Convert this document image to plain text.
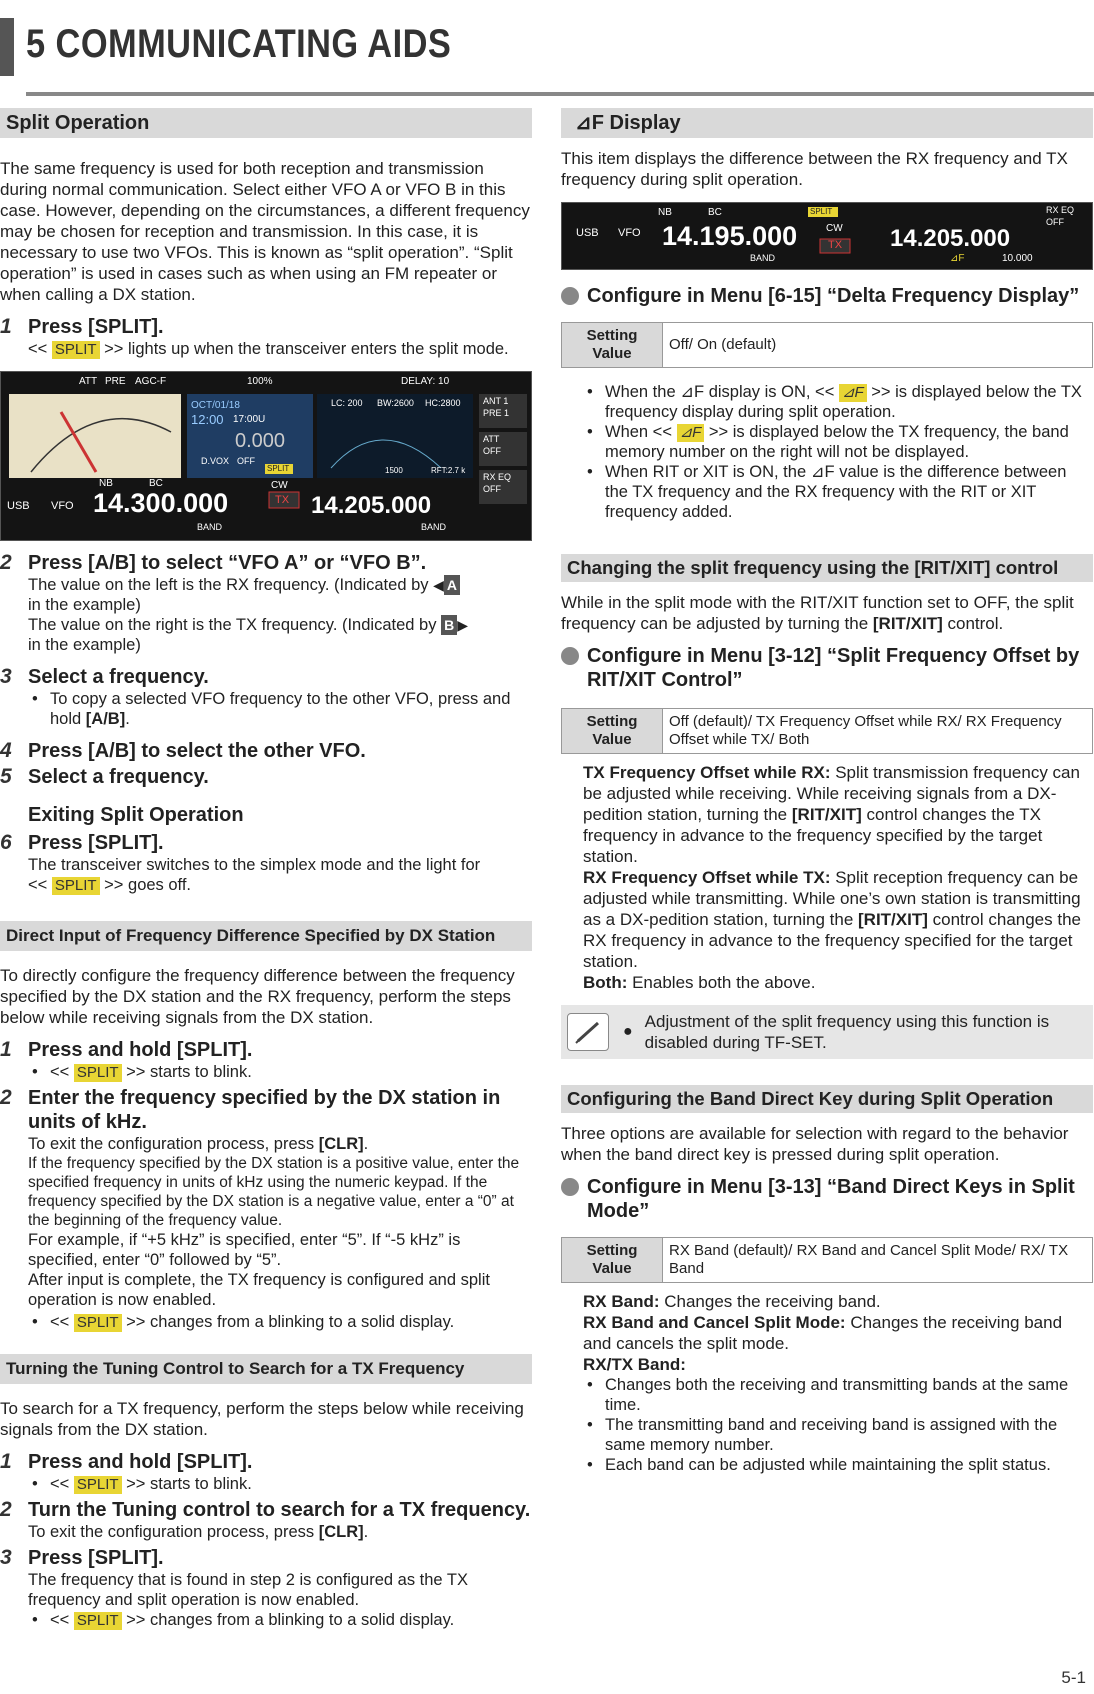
5 COMMUNICATING AIDS
Split Operation

The same frequency is used for both reception and transmission during normal communication. Select either VFO A or VFO B in this case. However, depending on the circumstances, a different frequency may be chosen for reception and transmission. In this case, it is necessary to use two VFOs. This is known as “split operation”. “Split operation” is used in cases such as when using an FM repeater or when calling a DX station.

1 Press [SPLIT].
<< SPLIT >> lights up when the transceiver enters the split mode.
ATT PRE AGC-F	100%	DELAY: 10
ANT 1
PRE 1
ATT
OFF
RX EQ
OFF
OCT/01/18
12:00 17:00U
0.000
D.VOX OFF
LC: 200 BW:2600 HC:2800
1500	RFT:2.7 k
USB VFO
NB	BC
SPLIT
CW
TX
BAND	BAND
14.300.000	14.205.000
2 Press [A/B] to select “VFO A” or “VFO B”.
The value on the left is the RX frequency. (Indicated by ◀ A
in the example)
The value on the right is the TX frequency. (Indicated by B ▶
in the example)
3 Select a frequency.
• To copy a selected VFO frequency to the other VFO, press and hold [A/B].
4 Press [A/B] to select the other VFO.
5 Select a frequency.
Exiting Split Operation
6 Press [SPLIT].
The transceiver switches to the simplex mode and the light for
<< SPLIT >> goes off.
Direct Input of Frequency Difference Specified by DX Station

To directly configure the frequency difference between the frequency specified by the DX station and the RX frequency, perform the steps below while receiving signals from the DX station.

1 Press and hold [SPLIT].
• << SPLIT >> starts to blink.
2 Enter the frequency specified by the DX station in units of kHz.
To exit the configuration process, press [CLR].
If the frequency specified by the DX station is a positive value, enter the specified frequency in units of kHz using the numeric keypad. If the frequency specified by the DX station is a negative value, enter a “0” at the beginning of the frequency value.
For example, if “+5 kHz” is specified, enter “5”. If “-5 kHz” is specified, enter “0” followed by “5”.
After input is complete, the TX frequency is configured and split operation is now enabled.
• << SPLIT >> changes from a blinking to a solid display.
Turning the Tuning Control to Search for a TX Frequency

To search for a TX frequency, perform the steps below while receiving signals from the DX station.

1 Press and hold [SPLIT].
• << SPLIT >> starts to blink.
2 Turn the Tuning control to search for a TX frequency.
To exit the configuration process, press [CLR].
3 Press [SPLIT].
The frequency that is found in step 2 is configured as the TX frequency and split operation is now enabled.
• << SPLIT >> changes from a blinking to a solid display.
⊿F Display

This item displays the difference between the RX frequency and TX frequency during split operation.

USB VFO
NB	BC	SPLIT
CW
TX
BAND
RX EQ
OFF
⊿F	10.000
14.195.000	14.205.000
Configure in Menu [6-15] “Delta Frequency Display”
Setting Value	Off/ On (default)
• When the ⊿F display is ON, << ⊿F >> is displayed below the TX frequency display during split operation.
• When << ⊿F >> is displayed below the TX frequency, the band memory number on the right will not be displayed.
• When RIT or XIT is ON, the ⊿F value is the difference between the TX frequency and the RX frequency with the RIT or XIT frequency added.
Changing the split frequency using the [RIT/XIT] control

While in the split mode with the RIT/XIT function set to OFF, the split frequency can be adjusted by turning the [RIT/XIT] control.

Configure in Menu [3-12] “Split Frequency Offset by RIT/XIT Control”
Setting Value	Off (default)/ TX Frequency Offset while RX/ RX Frequency Offset while TX/ Both
TX Frequency Offset while RX: Split transmission frequency can be adjusted while receiving. While receiving signals from a DX-pedition station, turning the [RIT/XIT] control changes the TX frequency in advance to the frequency specified by the target station.
RX Frequency Offset while TX: Split reception frequency can be adjusted while transmitting. While one’s own station is transmitting as a DX-pedition station, turning the [RIT/XIT] control changes the RX frequency in advance to the frequency specified for the target station.
Both: Enables both the above.
●
Adjustment of the split frequency using this function is disabled during TF-SET.
Configuring the Band Direct Key during Split Operation

Three options are available for selection with regard to the behavior when the band direct key is pressed during split operation.

Configure in Menu [3-13] “Band Direct Keys in Split Mode”
Setting Value	RX Band (default)/ RX Band and Cancel Split Mode/ RX/ TX Band
RX Band: Changes the receiving band.
RX Band and Cancel Split Mode: Changes the receiving band and cancels the split mode.
RX/TX Band:
• Changes both the receiving and transmitting bands at the same time.
• The transmitting band and receiving band is assigned with the same memory number.
• Each band can be adjusted while maintaining the split status.
5-1
